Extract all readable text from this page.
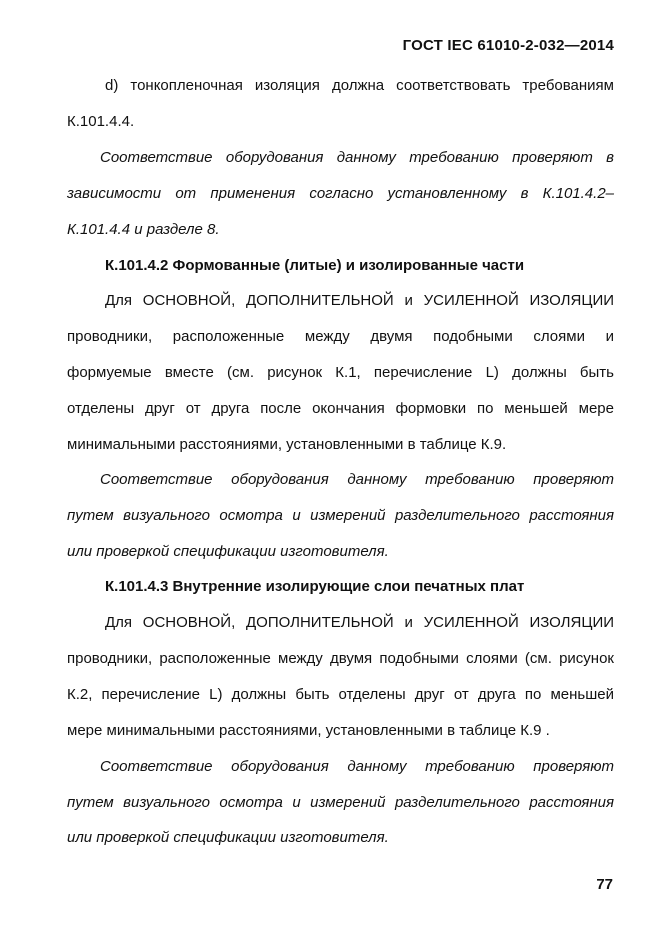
ГОСТ IEC 61010-2-032—2014
d) тонкопленочная изоляция должна соответствовать требованиям
К.101.4.4.
Соответствие оборудования данному требованию проверяют в
зависимости от применения согласно установленному в К.101.4.2–
К.101.4.4 и разделе 8.
К.101.4.2 Формованные (литые) и изолированные части
Для ОСНОВНОЙ, ДОПОЛНИТЕЛЬНОЙ и УСИЛЕННОЙ ИЗОЛЯЦИИ
проводники, расположенные между двумя подобными слоями и
формуемые вместе (см. рисунок К.1, перечисление L) должны быть
отделены друг от друга после окончания формовки по меньшей мере
минимальными расстояниями, установленными в таблице К.9.
Соответствие оборудования данному требованию проверяют
путем визуального осмотра и измерений разделительного расстояния
или проверкой спецификации изготовителя.
К.101.4.3 Внутренние изолирующие слои печатных плат
Для ОСНОВНОЙ, ДОПОЛНИТЕЛЬНОЙ и УСИЛЕННОЙ ИЗОЛЯЦИИ
проводники, расположенные между двумя подобными слоями (см. рисунок
К.2, перечисление L) должны быть отделены друг от друга по меньшей
мере минимальными расстояниями, установленными в таблице К.9 .
Соответствие оборудования данному требованию проверяют
путем визуального осмотра и измерений разделительного расстояния
или проверкой спецификации изготовителя.
77
